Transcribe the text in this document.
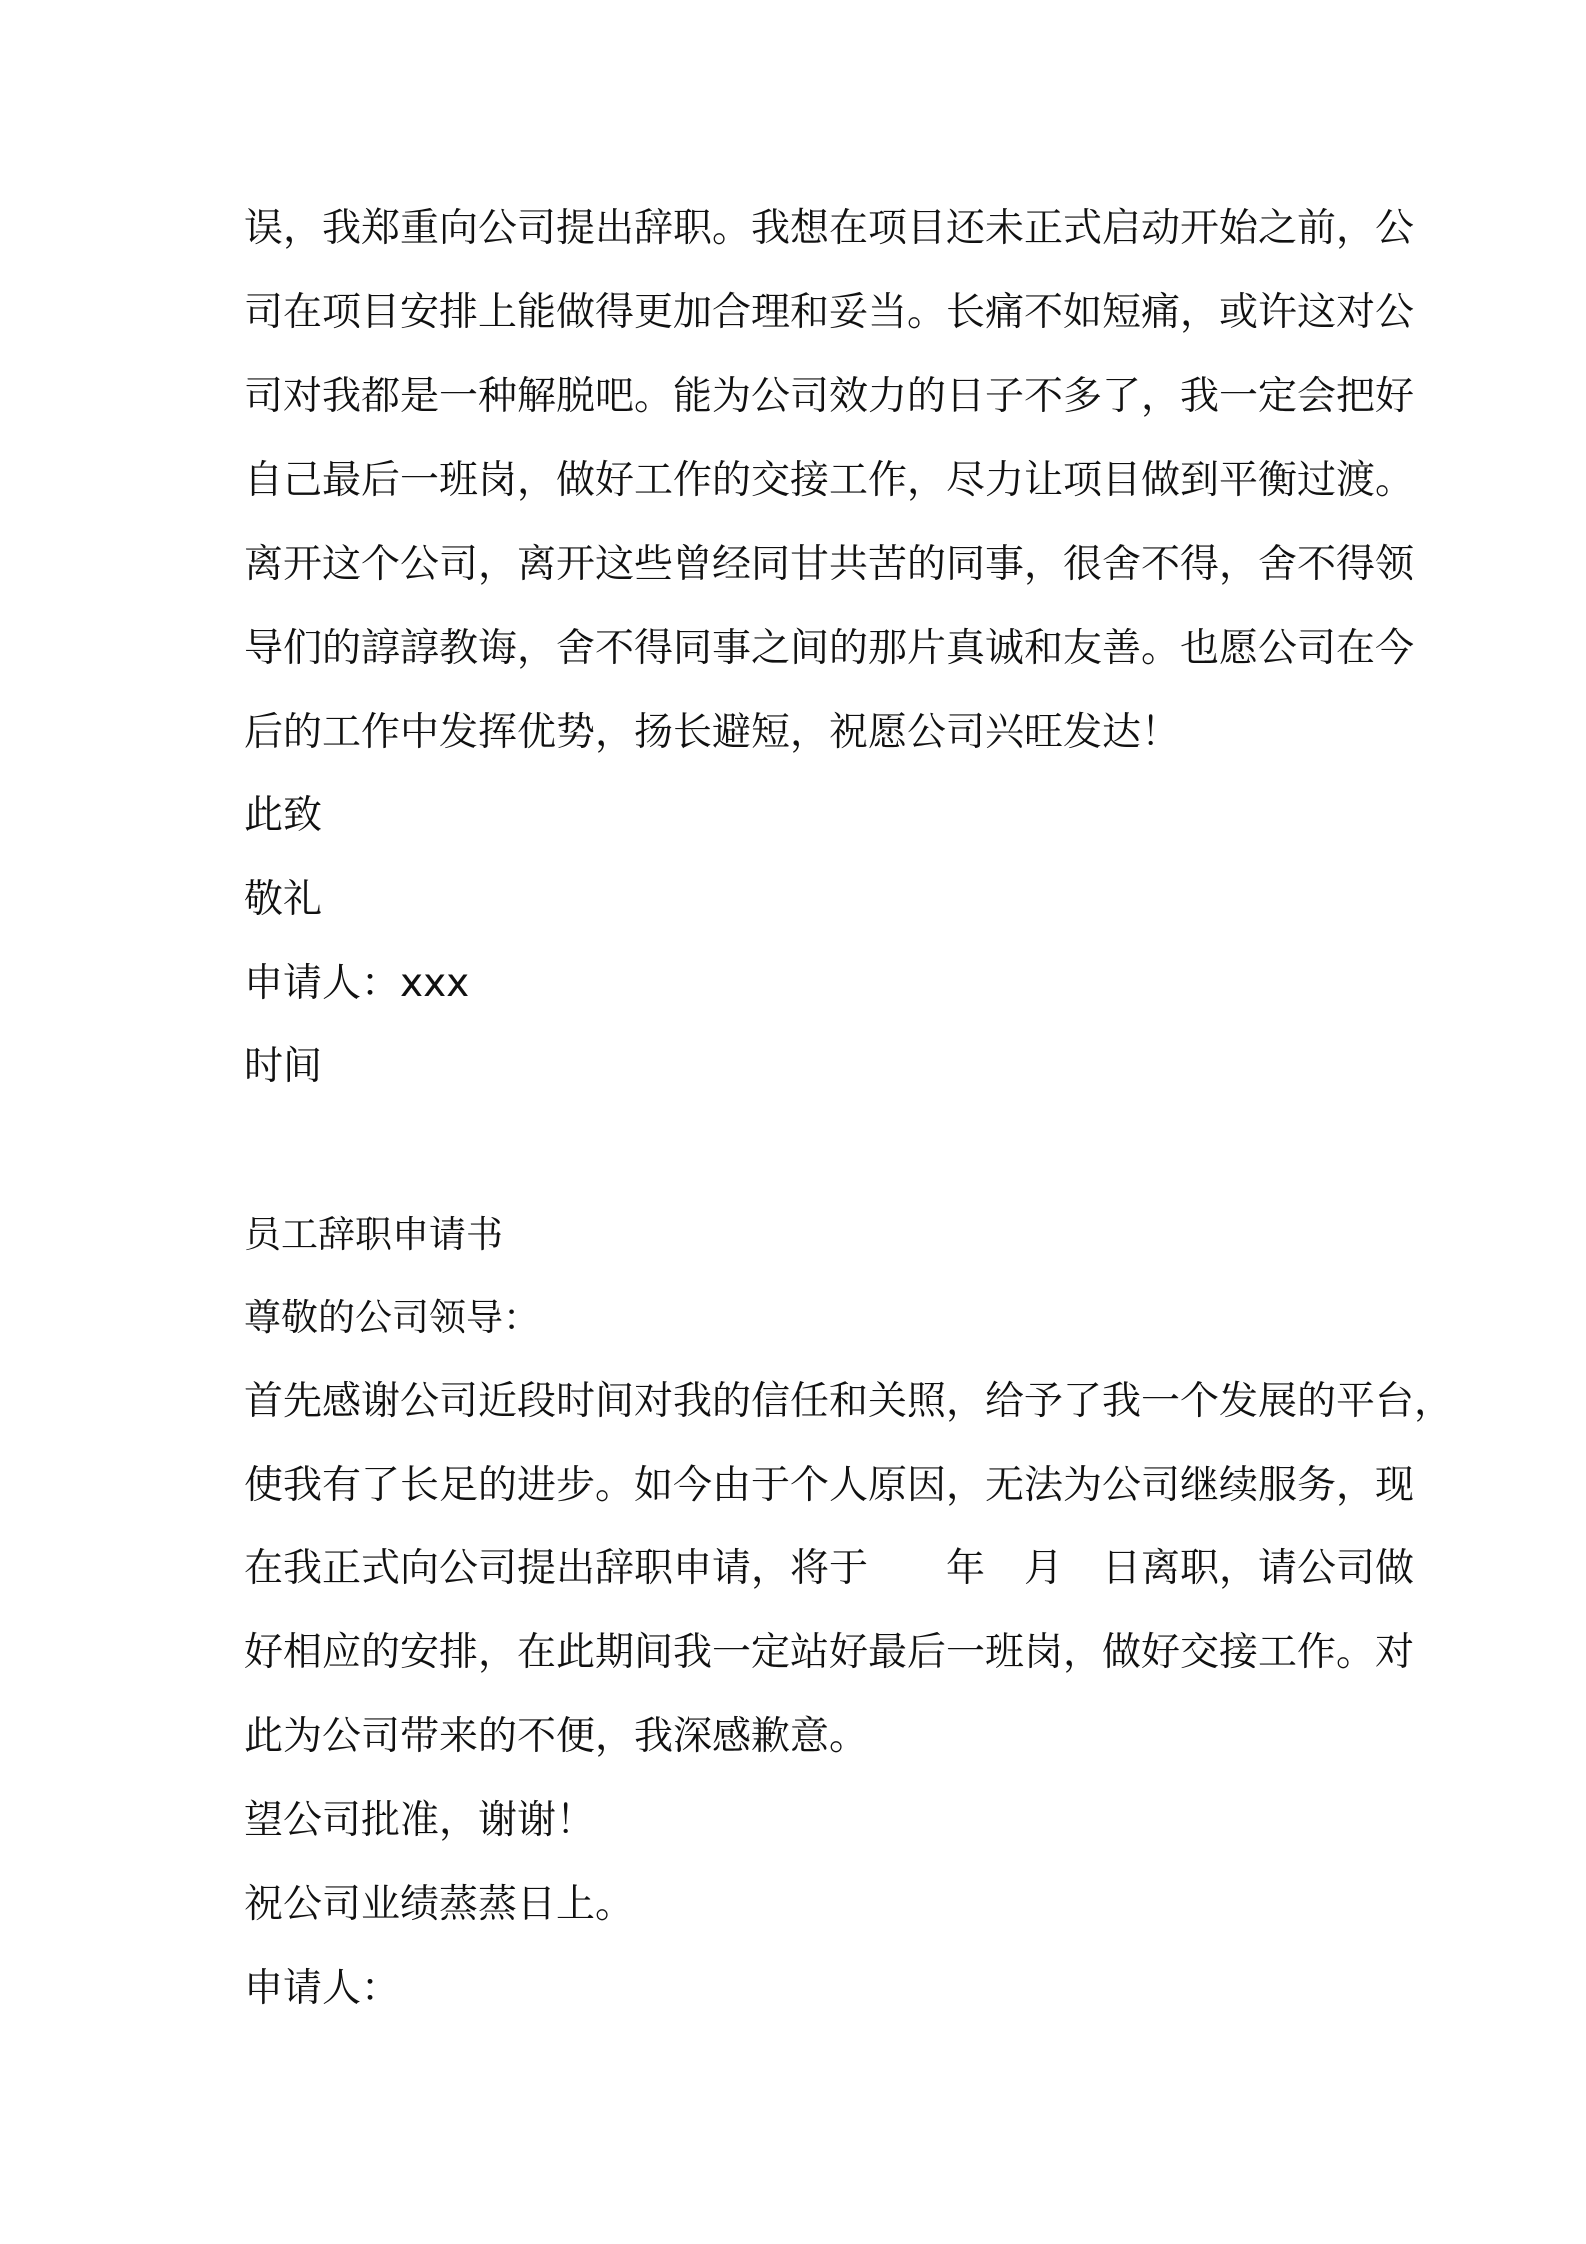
误，我郑重向公司提出辞职。我想在项目还未正式启动开始之前，公

司在项目安排上能做得更加合理和妥当。长痛不如短痛，或许这对公

司对我都是一种解脱吧。能为公司效力的日子不多了，我一定会把好

自己最后一班岗，做好工作的交接工作，尽力让项目做到平衡过渡。

离开这个公司，离开这些曾经同甘共苦的同事，很舍不得，舍不得领

导们的諄諄教诲，舍不得同事之间的那片真诚和友善。也愿公司在今

后的工作中发挥优势，扬长避短，祝愿公司兴旺发达！

此致

敬礼

申请人：xxx

时间

员工辞职申请书

尊敬的公司领导：

首先感谢公司近段时间对我的信任和关照，给予了我一个发展的平台，

使我有了长足的进步。如今由于个人原因，无法为公司继续服务，现

在我正式向公司提出辞职申请，将于　　年　月　日离职，请公司做

好相应的安排，在此期间我一定站好最后一班岗，做好交接工作。对

此为公司带来的不便，我深感歉意。

望公司批准，谢谢！

祝公司业绩蒸蒸日上。

申请人：
